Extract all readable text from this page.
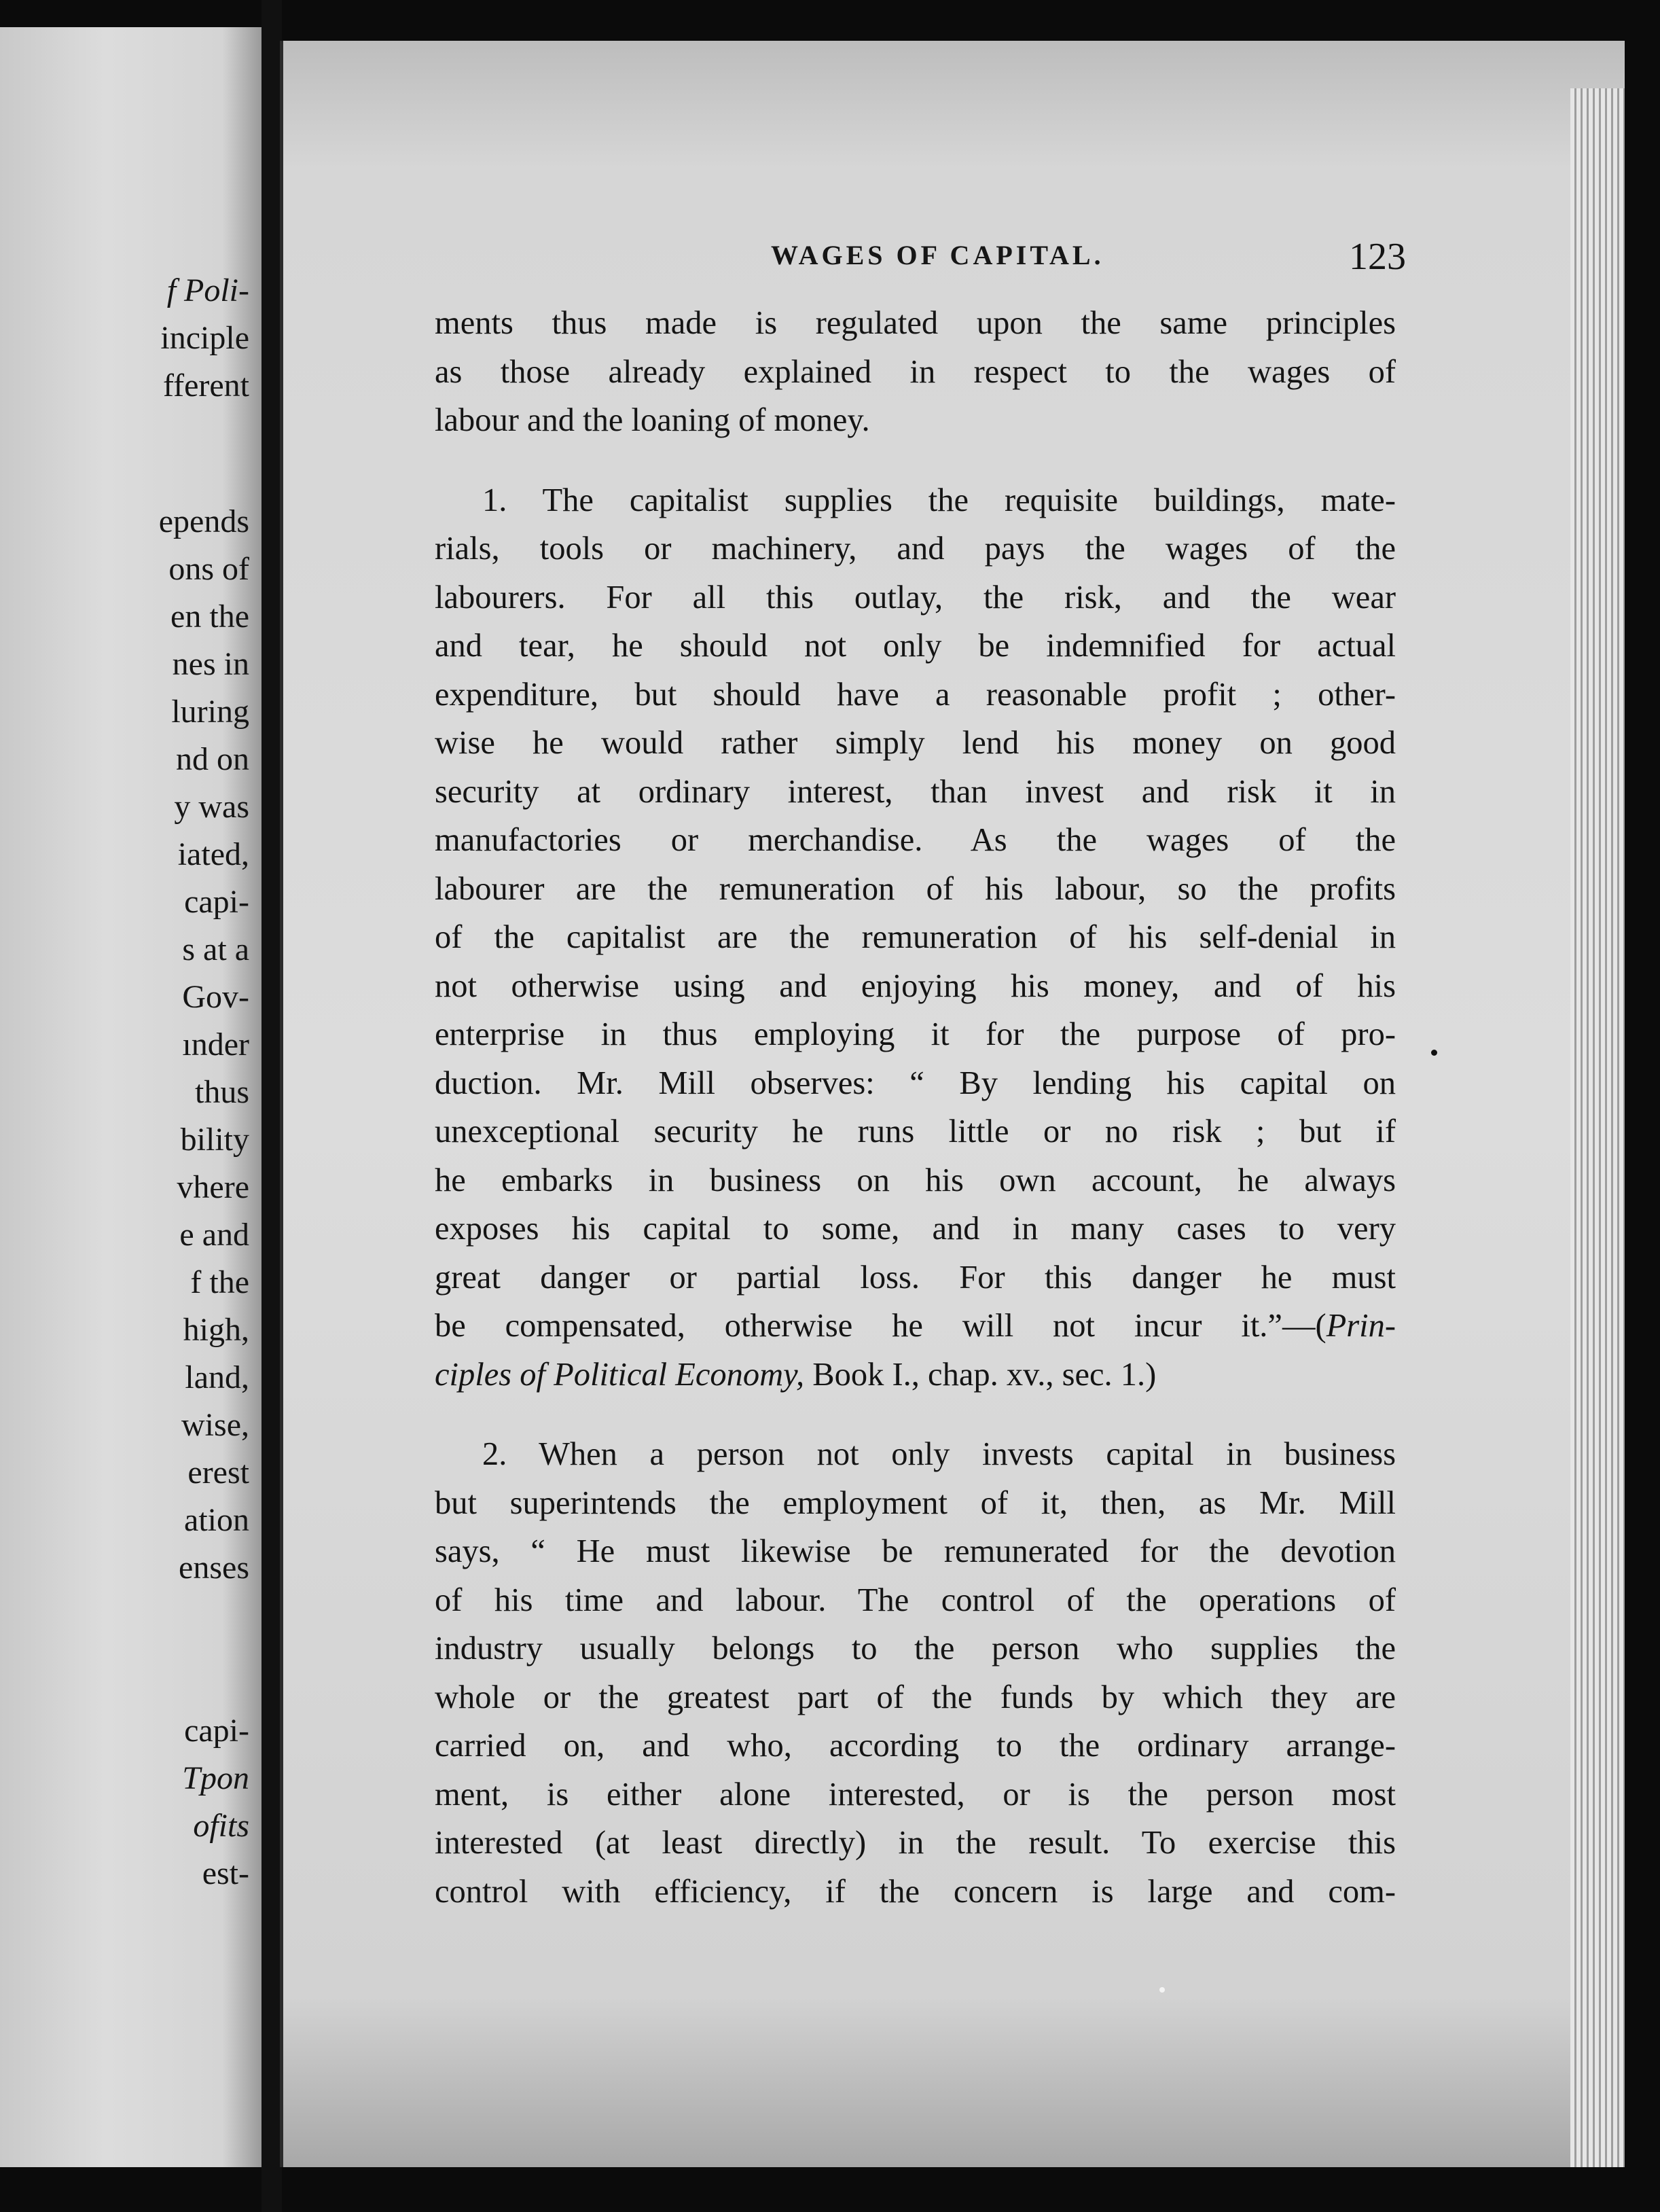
f Poli-
inciple
fferent
epends
ons of
en the
nes in
luring
nd on
y was
iated,
capi-
s at a
Gov-
ınder
thus
bility
vhere
e and
f the
high,
land,
wise,
erest
ation
enses
capi-
Tpon
ofits
est-
WAGES OF CAPITAL.	123
ments thus made is regulated upon the same principles
as those already explained in respect to the wages of
labour and the loaning of money.
1. The capitalist supplies the requisite buildings, mate-
rials, tools or machinery, and pays the wages of the
labourers. For all this outlay, the risk, and the wear
and tear, he should not only be indemnified for actual
expenditure, but should have a reasonable profit ; other-
wise he would rather simply lend his money on good
security at ordinary interest, than invest and risk it in
manufactories or merchandise. As the wages of the
labourer are the remuneration of his labour, so the profits
of the capitalist are the remuneration of his self-denial in
not otherwise using and enjoying his money, and of his
enterprise in thus employing it for the purpose of pro-
duction. Mr. Mill observes: “ By lending his capital on
unexceptional security he runs little or no risk ; but if
he embarks in business on his own account, he always
exposes his capital to some, and in many cases to very
great danger or partial loss. For this danger he must
be compensated, otherwise he will not incur it.”—(Prin-
ciples of Political Economy, Book I., chap. xv., sec. 1.)
2. When a person not only invests capital in business
but superintends the employment of it, then, as Mr. Mill
says, “ He must likewise be remunerated for the devotion
of his time and labour. The control of the operations of
industry usually belongs to the person who supplies the
whole or the greatest part of the funds by which they are
carried on, and who, according to the ordinary arrange-
ment, is either alone interested, or is the person most
interested (at least directly) in the result. To exercise this
control with efficiency, if the concern is large and com-
